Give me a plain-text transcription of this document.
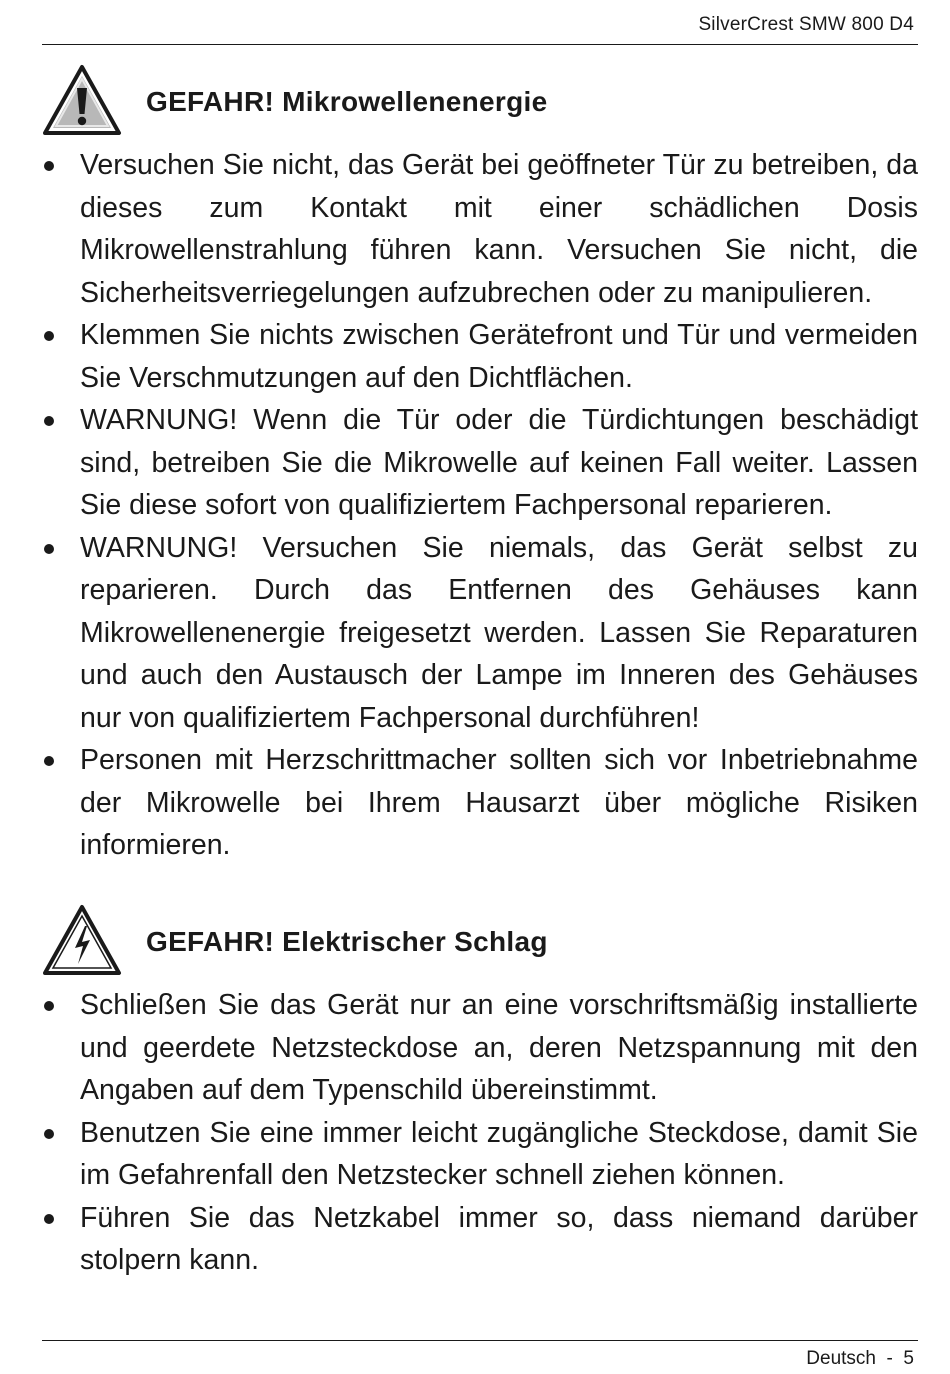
SilverCrest SMW 800 D4
GEFAHR! Mikrowellenenergie
Versuchen Sie nicht, das Gerät bei geöffneter Tür zu betreiben, da dieses zum Kontakt mit einer schädlichen Dosis Mikrowellenstrahlung führen kann. Versuchen Sie nicht, die Sicherheitsverriegelungen aufzubrechen oder zu manipulieren.
Klemmen Sie nichts zwischen Gerätefront und Tür und vermeiden Sie Verschmutzungen auf den Dichtflächen.
WARNUNG! Wenn die Tür oder die Türdichtungen beschädigt sind, betreiben Sie die Mikrowelle auf keinen Fall weiter. Lassen Sie diese sofort von qualifiziertem Fachpersonal reparieren.
WARNUNG! Versuchen Sie niemals, das Gerät selbst zu reparieren. Durch das Entfernen des Gehäuses kann Mikrowellenenergie freigesetzt werden. Lassen Sie Reparaturen und auch den Austausch der Lampe im Inneren des Gehäuses nur von qualifiziertem Fachpersonal durchführen!
Personen mit Herzschrittmacher sollten sich vor Inbetriebnahme der Mikrowelle bei Ihrem Hausarzt über mögliche Risiken informieren.
GEFAHR! Elektrischer Schlag
Schließen Sie das Gerät nur an eine vorschriftsmäßig installierte und geerdete Netzsteckdose an, deren Netzspannung mit den Angaben auf dem Typenschild übereinstimmt.
Benutzen Sie eine immer leicht zugängliche Steckdose, damit Sie im Gefahrenfall den Netzstecker schnell ziehen können.
Führen Sie das Netzkabel immer so, dass niemand darüber stolpern kann.
Deutsch  -  5
